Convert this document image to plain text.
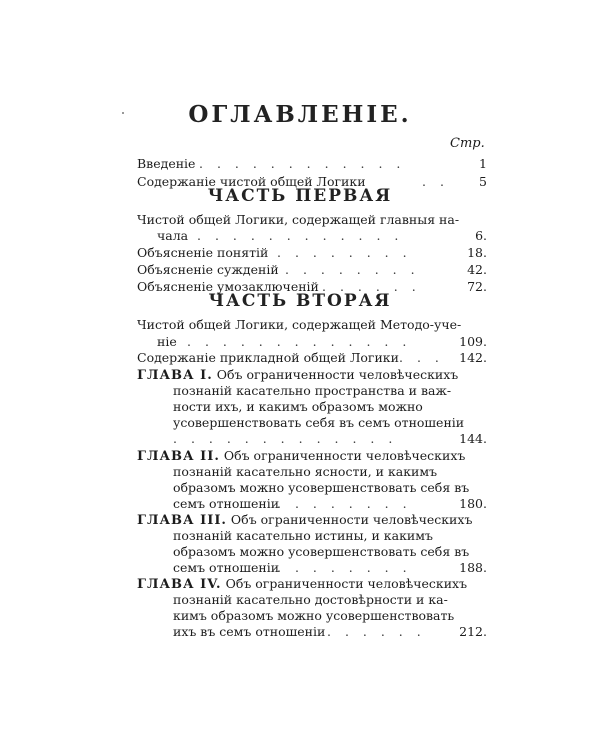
ОГЛАВЛЕНІЕ.
Стр.
Введеніе . . . . . . . . . . . .	1
Содержаніе чистой общей Логики	. .	5
ЧАСТЬ ПЕРВАЯ
Чистой общей Логики, содержащей главныя на-
чала . . . . . . . . . . . .	6.
Объясненіе понятій . . . . . . . .	18.
Объясненіе сужденій . . . . . . . .	42.
Объясненіе умозаключеній . . . . . .	72.
ЧАСТЬ ВТОРАЯ
Чистой общей Логики, содержащей Методо-уче-
ніе . . . . . . . . . . . . .	109.
Содержаніе прикладной общей Логики . . .	142.
ГЛАВА I. Объ ограниченности человѣческихъ
познаній касательно пространства и важ-
ности ихъ, и какимъ образомъ можно
усовершенствовать себя въ семъ отношеніи
. . . . . . . . . . . . .	144.
ГЛАВА II. Объ ограниченности человѣческихъ
познаній касательно ясности, и какимъ
образомъ можно усовершенствовать себя въ
семъ отношеніи
. . . . . . . .	180.
ГЛАВА III. Объ ограниченности человѣческихъ
познаній касательно истины, и какимъ
образомъ можно усовершенствовать себя въ
семъ отношеніи
. . . . . . . .	188.
ГЛАВА IV. Объ ограниченности человѣческихъ
познаній касательно достовѣрности и ка-
кимъ образомъ можно усовершенствовать
ихъ въ семъ отношеніи . . . . . .	212.
